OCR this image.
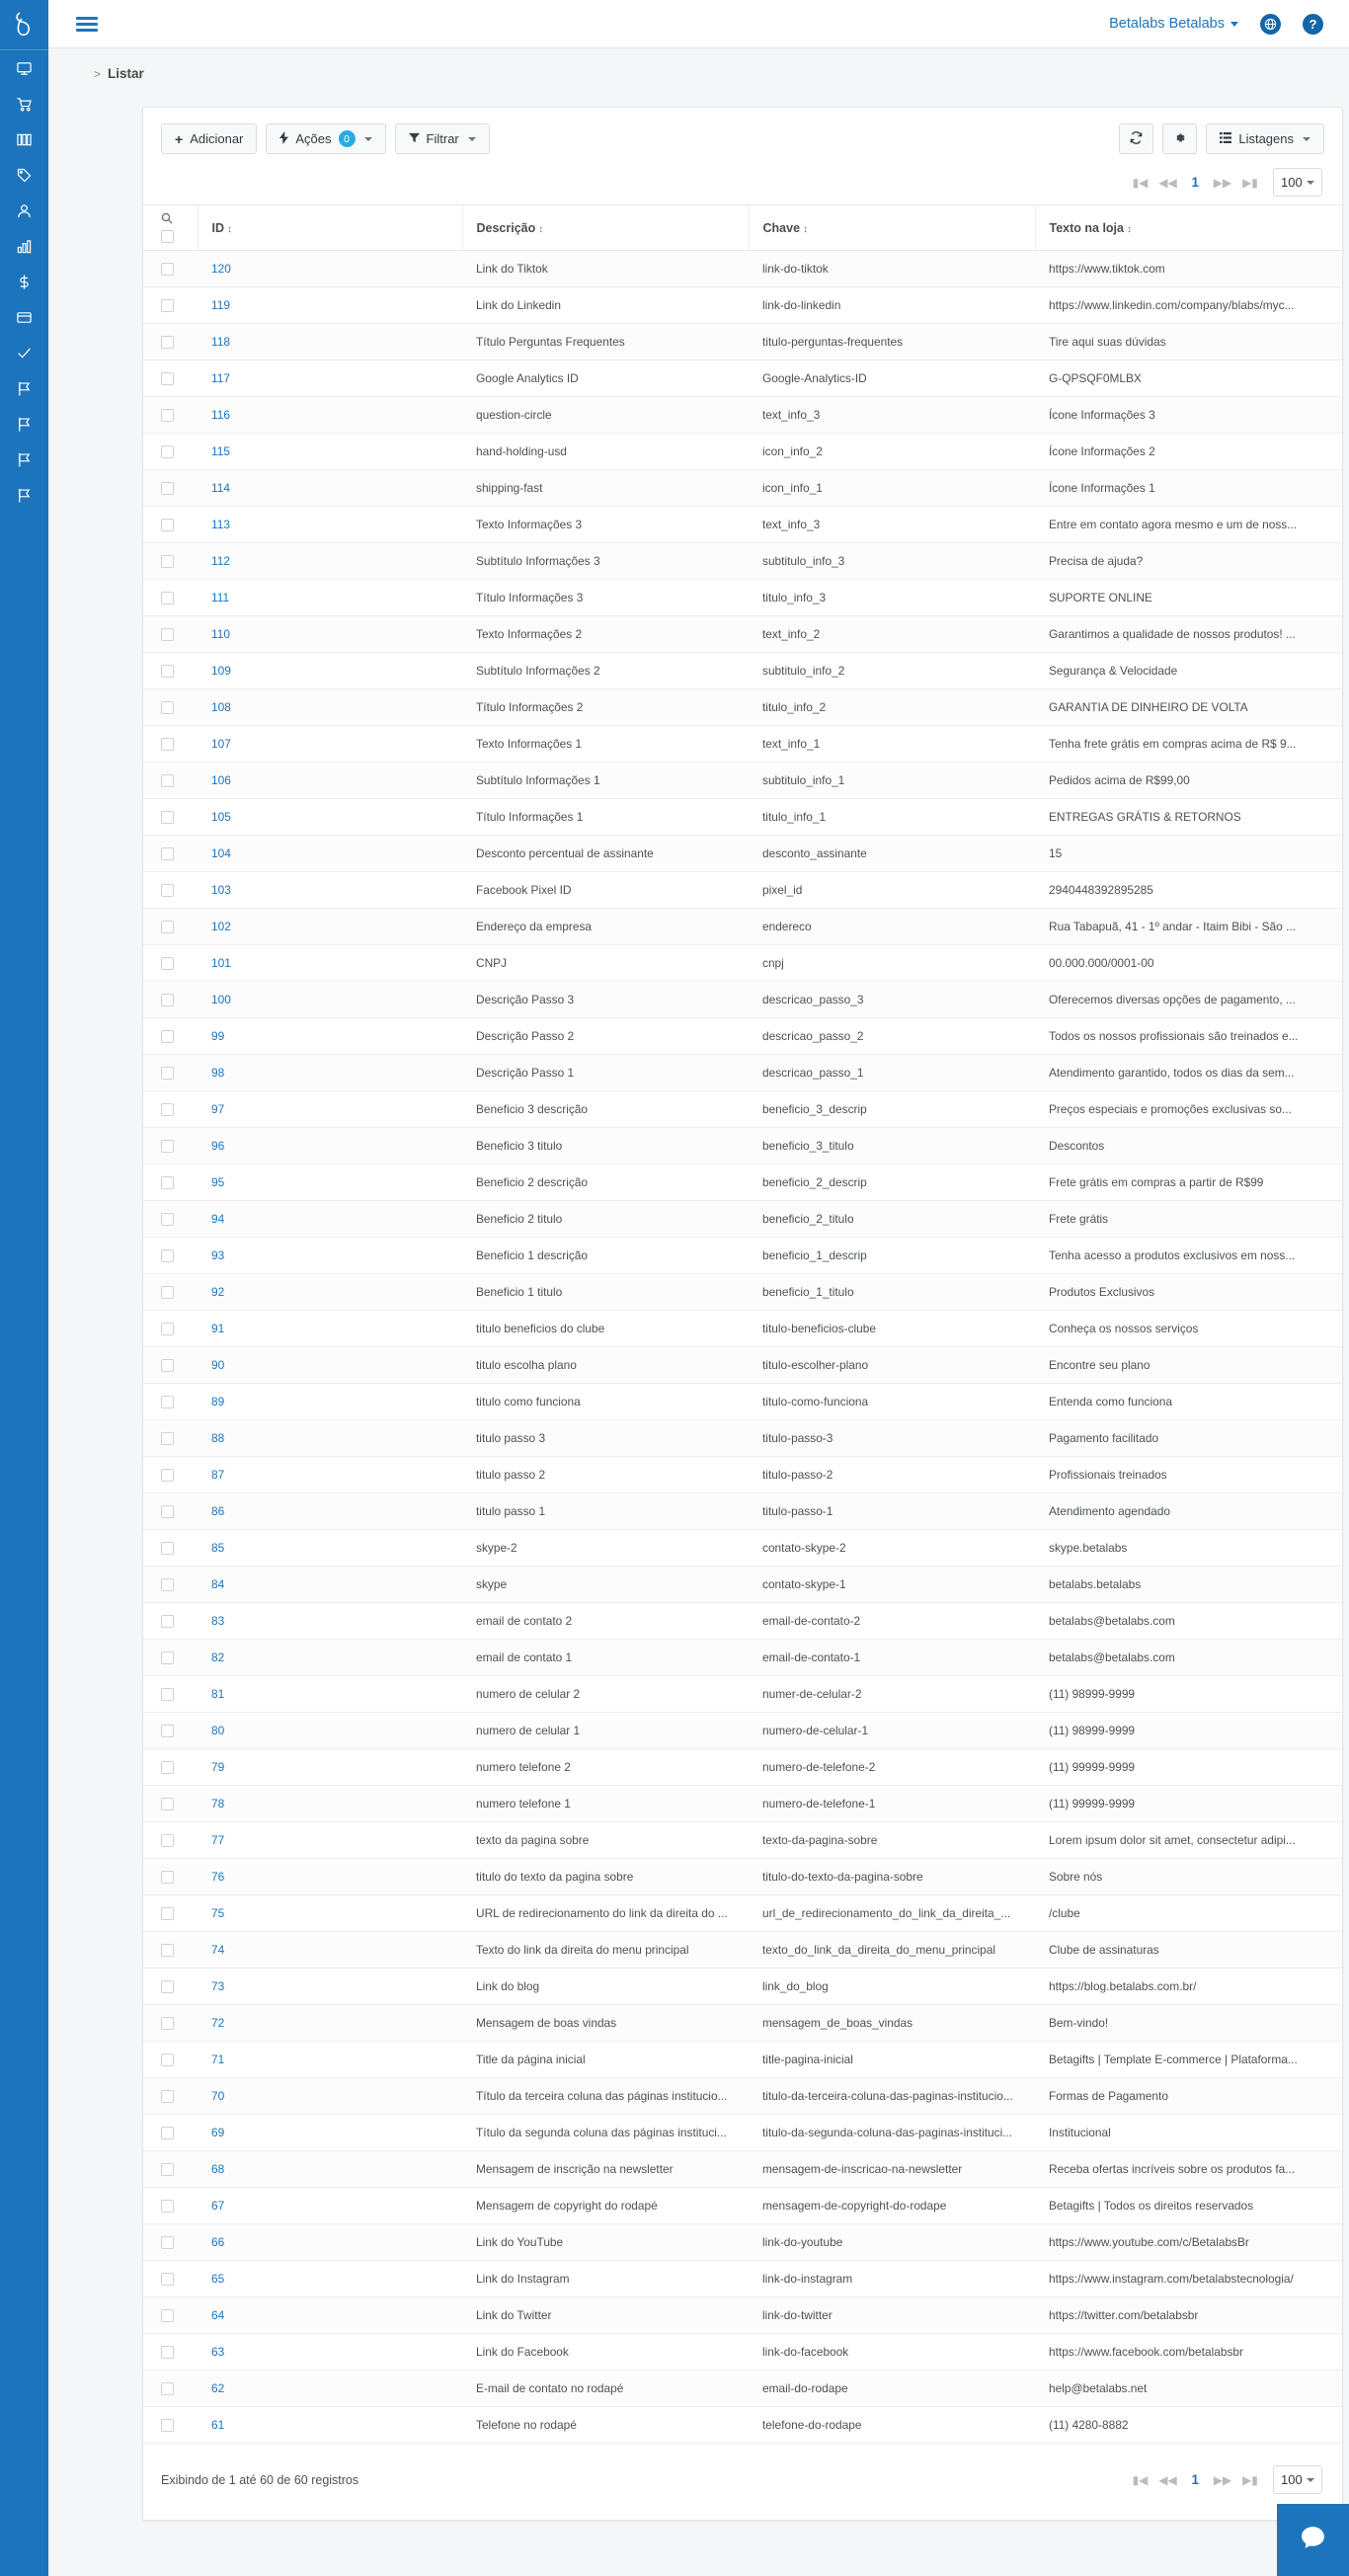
Betalabs Betalabs	?
> Listar
+ Adicionar	Ações	0	Filtrar	Listagens
▮◀ ◀◀	1	▶▶ ▶▮	100
	ID ↕	Descrição ↕	Chave ↕	Texto na loja ↕

	120	Link do Tiktok	link-do-tiktok	https://www.tiktok.com

	119	Link do Linkedin	link-do-linkedin	https://www.linkedin.com/company/blabs/myc...

	118	Título Perguntas Frequentes	titulo-perguntas-frequentes	Tire aqui suas dúvidas

	117	Google Analytics ID	Google-Analytics-ID	G-QPSQF0MLBX

	116	question-circle	text_info_3	Ícone Informações 3

	115	hand-holding-usd	icon_info_2	Ícone Informações 2

	114	shipping-fast	icon_info_1	Ícone Informações 1

	113	Texto Informações 3	text_info_3	Entre em contato agora mesmo e um de noss...

	112	Subtítulo Informações 3	subtitulo_info_3	Precisa de ajuda?

	111	Título Informações 3	titulo_info_3	SUPORTE ONLINE

	110	Texto Informações 2	text_info_2	Garantimos a qualidade de nossos produtos! ...

	109	Subtítulo Informações 2	subtitulo_info_2	Segurança & Velocidade

	108	Título Informações 2	titulo_info_2	GARANTIA DE DINHEIRO DE VOLTA

	107	Texto Informações 1	text_info_1	Tenha frete grátis em compras acima de R$ 9...

	106	Subtítulo Informações 1	subtitulo_info_1	Pedidos acima de R$99,00

	105	Título Informações 1	titulo_info_1	ENTREGAS GRÁTIS & RETORNOS

	104	Desconto percentual de assinante	desconto_assinante	15

	103	Facebook Pixel ID	pixel_id	2940448392895285

	102	Endereço da empresa	endereco	Rua Tabapuã, 41 - 1º andar - Itaim Bibi - São ...

	101	CNPJ	cnpj	00.000.000/0001-00

	100	Descrição Passo 3	descricao_passo_3	Oferecemos diversas opções de pagamento, ...

	99	Descrição Passo 2	descricao_passo_2	Todos os nossos profissionais são treinados e...

	98	Descrição Passo 1	descricao_passo_1	Atendimento garantido, todos os dias da sem...

	97	Beneficio 3 descrição	beneficio_3_descrip	Preços especiais e promoções exclusivas so...

	96	Beneficio 3 titulo	beneficio_3_titulo	Descontos

	95	Beneficio 2 descrição	beneficio_2_descrip	Frete grátis em compras a partir de R$99

	94	Beneficio 2 titulo	beneficio_2_titulo	Frete grátis

	93	Beneficio 1 descrição	beneficio_1_descrip	Tenha acesso a produtos exclusivos em noss...

	92	Beneficio 1 titulo	beneficio_1_titulo	Produtos Exclusivos

	91	titulo beneficios do clube	titulo-beneficios-clube	Conheça os nossos serviços

	90	titulo escolha plano	titulo-escolher-plano	Encontre seu plano

	89	titulo como funciona	titulo-como-funciona	Entenda como funciona

	88	titulo passo 3	titulo-passo-3	Pagamento facilitado

	87	titulo passo 2	titulo-passo-2	Profissionais treinados

	86	titulo passo 1	titulo-passo-1	Atendimento agendado

	85	skype-2	contato-skype-2	skype.betalabs

	84	skype	contato-skype-1	betalabs.betalabs

	83	email de contato 2	email-de-contato-2	betalabs@betalabs.com

	82	email de contato 1	email-de-contato-1	betalabs@betalabs.com

	81	numero de celular 2	numer-de-celular-2	(11) 98999-9999

	80	numero de celular 1	numero-de-celular-1	(11) 98999-9999

	79	numero telefone 2	numero-de-telefone-2	(11) 99999-9999

	78	numero telefone 1	numero-de-telefone-1	(11) 99999-9999

	77	texto da pagina sobre	texto-da-pagina-sobre	Lorem ipsum dolor sit amet, consectetur adipi...

	76	titulo do texto da pagina sobre	titulo-do-texto-da-pagina-sobre	Sobre nós

	75	URL de redirecionamento do link da direita do ...	url_de_redirecionamento_do_link_da_direita_...	/clube

	74	Texto do link da direita do menu principal	texto_do_link_da_direita_do_menu_principal	Clube de assinaturas

	73	Link do blog	link_do_blog	https://blog.betalabs.com.br/

	72	Mensagem de boas vindas	mensagem_de_boas_vindas	Bem-vindo!

	71	Title da página inicial	title-pagina-inicial	Betagifts | Template E-commerce | Plataforma...

	70	Título da terceira coluna das páginas institucio...	titulo-da-terceira-coluna-das-paginas-institucio...	Formas de Pagamento

	69	Título da segunda coluna das páginas instituci...	titulo-da-segunda-coluna-das-paginas-instituci...	Institucional

	68	Mensagem de inscrição na newsletter	mensagem-de-inscricao-na-newsletter	Receba ofertas incríveis sobre os produtos fa...

	67	Mensagem de copyright do rodapé	mensagem-de-copyright-do-rodape	Betagifts | Todos os direitos reservados

	66	Link do YouTube	link-do-youtube	https://www.youtube.com/c/BetalabsBr

	65	Link do Instagram	link-do-instagram	https://www.instagram.com/betalabstecnologia/

	64	Link do Twitter	link-do-twitter	https://twitter.com/betalabsbr

	63	Link do Facebook	link-do-facebook	https://www.facebook.com/betalabsbr

	62	E-mail de contato no rodapé	email-do-rodape	help@betalabs.net

	61	Telefone no rodapé	telefone-do-rodape	(11) 4280-8882
Exibindo de 1 até 60 de 60 registros	▮◀ ◀◀	1	▶▶ ▶▮	100
